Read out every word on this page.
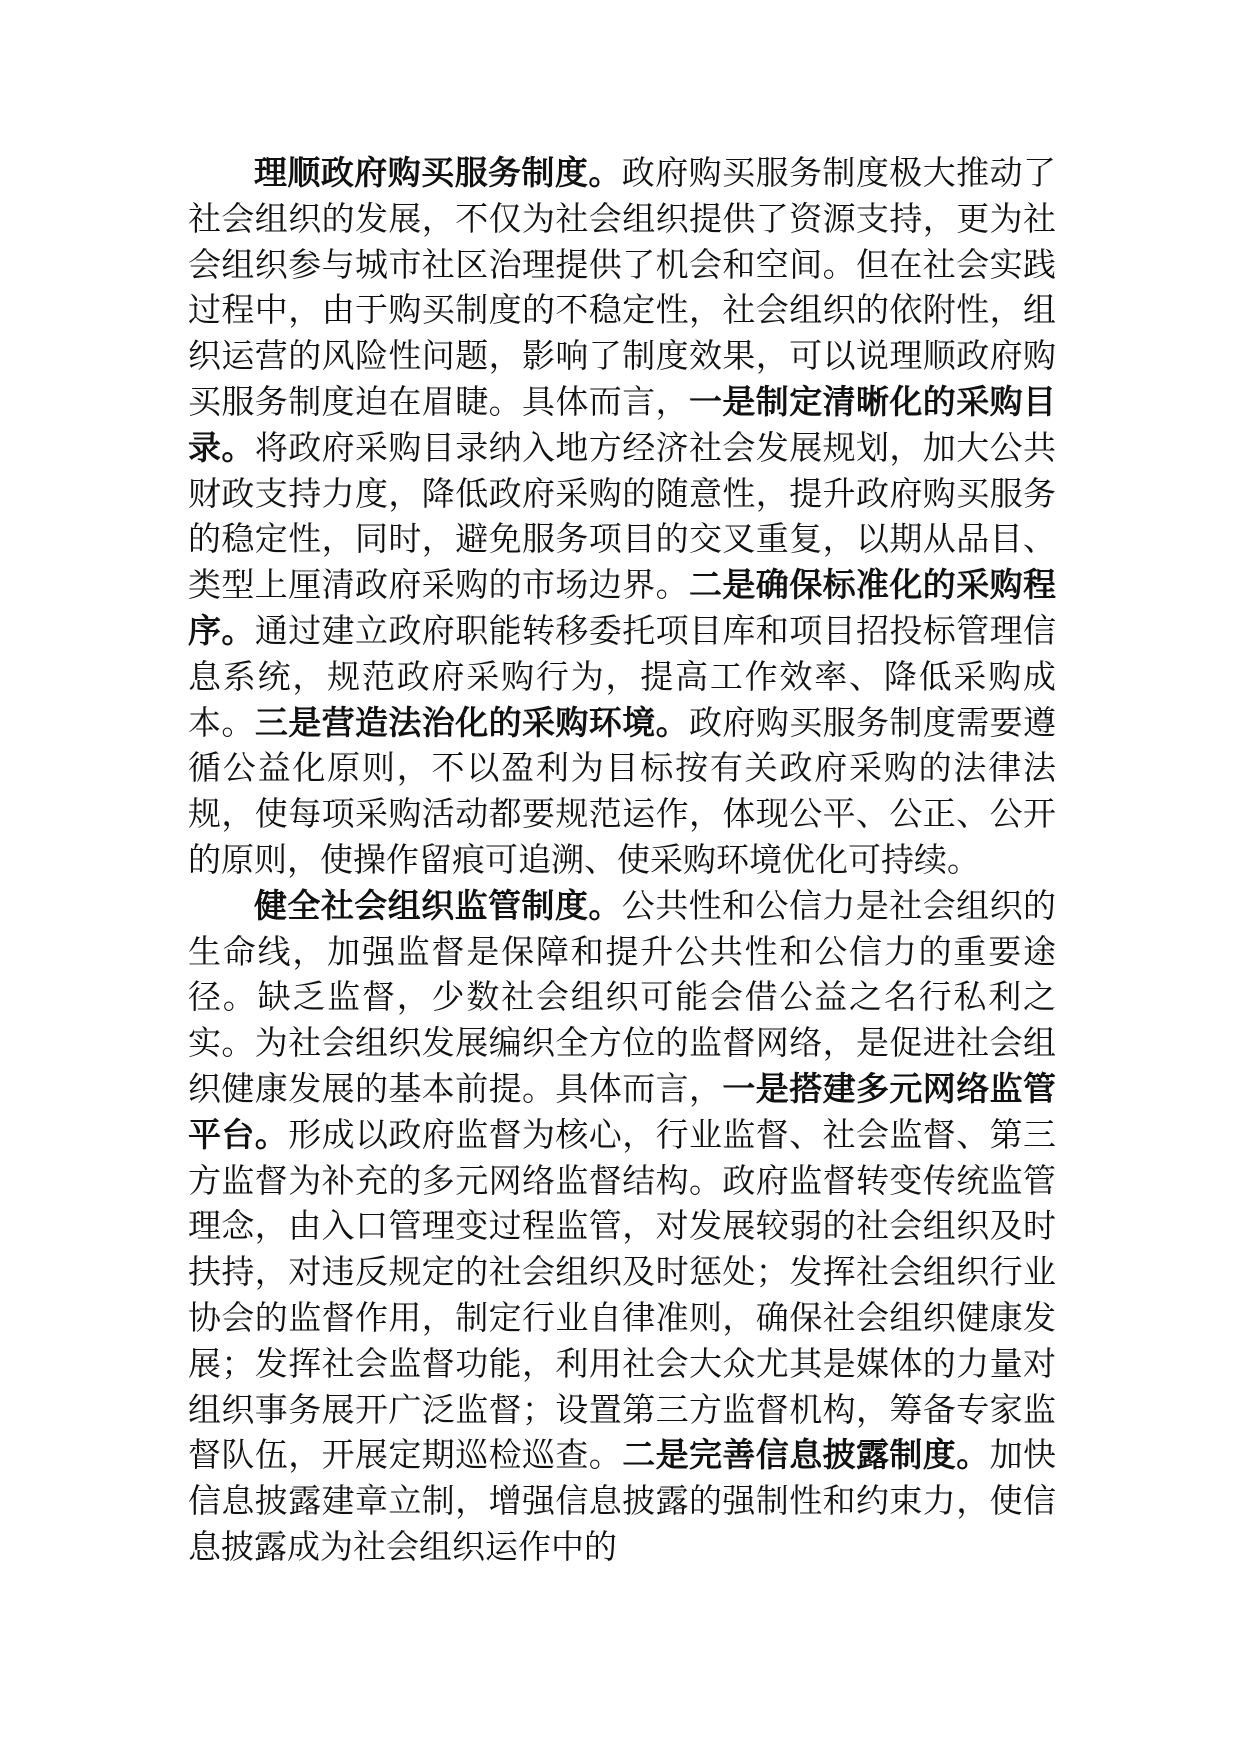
理顺政府购买服务制度。政府购买服务制度极大推动了社会组织的发展，不仅为社会组织提供了资源支持，更为社会组织参与城市社区治理提供了机会和空间。但在社会实践过程中，由于购买制度的不稳定性，社会组织的依附性，组织运营的风险性问题，影响了制度效果，可以说理顺政府购买服务制度迫在眉睫。具体而言，一是制定清晰化的采购目录。将政府采购目录纳入地方经济社会发展规划，加大公共财政支持力度，降低政府采购的随意性，提升政府购买服务的稳定性，同时，避免服务项目的交叉重复，以期从品目、类型上厘清政府采购的市场边界。二是确保标准化的采购程序。通过建立政府职能转移委托项目库和项目招投标管理信息系统，规范政府采购行为，提高工作效率、降低采购成本。三是营造法治化的采购环境。政府购买服务制度需要遵循公益化原则，不以盈利为目标按有关政府采购的法律法规，使每项采购活动都要规范运作，体现公平、公正、公开的原则，使操作留痕可追溯、使采购环境优化可持续。

健全社会组织监管制度。公共性和公信力是社会组织的生命线，加强监督是保障和提升公共性和公信力的重要途径。缺乏监督，少数社会组织可能会借公益之名行私利之实。为社会组织发展编织全方位的监督网络，是促进社会组织健康发展的基本前提。具体而言，一是搭建多元网络监管平台。形成以政府监督为核心，行业监督、社会监督、第三方监督为补充的多元网络监督结构。政府监督转变传统监管理念，由入口管理变过程监管，对发展较弱的社会组织及时扶持，对违反规定的社会组织及时惩处；发挥社会组织行业协会的监督作用，制定行业自律准则，确保社会组织健康发展；发挥社会监督功能，利用社会大众尤其是媒体的力量对组织事务展开广泛监督；设置第三方监督机构，筹备专家监督队伍，开展定期巡检巡查。二是完善信息披露制度。加快信息披露建章立制，增强信息披露的强制性和约束力，使信息披露成为社会组织运作中的
